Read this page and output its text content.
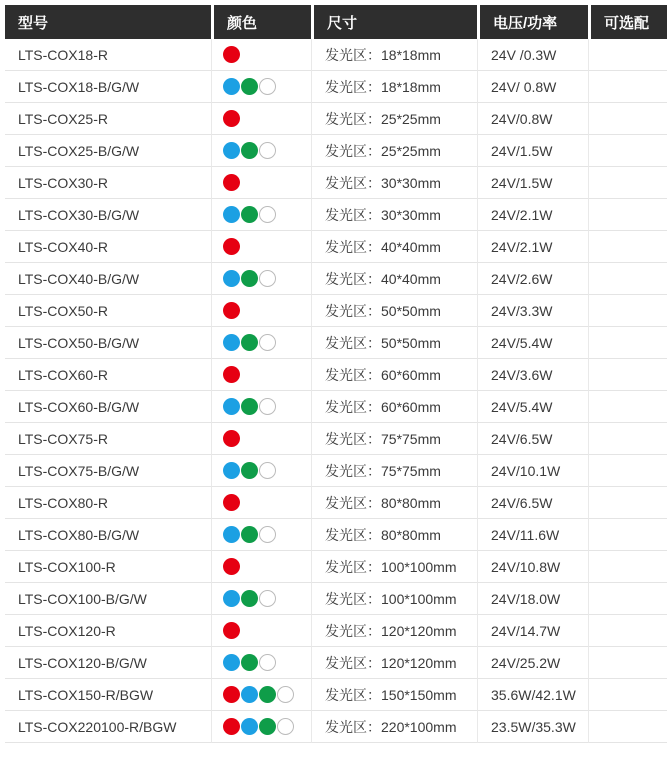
型号	颜色	尺寸	电压/功率	可选配
LTS-COX18-R		发光区：18*18mm	24V /0.3W	
LTS-COX18-B/G/W		发光区：18*18mm	24V/ 0.8W	
LTS-COX25-R		发光区：25*25mm	24V/0.8W	
LTS-COX25-B/G/W		发光区：25*25mm	24V/1.5W	
LTS-COX30-R		发光区：30*30mm	24V/1.5W	
LTS-COX30-B/G/W		发光区：30*30mm	24V/2.1W	
LTS-COX40-R		发光区：40*40mm	24V/2.1W	
LTS-COX40-B/G/W		发光区：40*40mm	24V/2.6W	
LTS-COX50-R		发光区：50*50mm	24V/3.3W	
LTS-COX50-B/G/W		发光区：50*50mm	24V/5.4W	
LTS-COX60-R		发光区：60*60mm	24V/3.6W	
LTS-COX60-B/G/W		发光区：60*60mm	24V/5.4W	
LTS-COX75-R		发光区：75*75mm	24V/6.5W	
LTS-COX75-B/G/W		发光区：75*75mm	24V/10.1W	
LTS-COX80-R		发光区：80*80mm	24V/6.5W	
LTS-COX80-B/G/W		发光区：80*80mm	24V/11.6W	
LTS-COX100-R		发光区：100*100mm	24V/10.8W	
LTS-COX100-B/G/W		发光区：100*100mm	24V/18.0W	
LTS-COX120-R		发光区：120*120mm	24V/14.7W	
LTS-COX120-B/G/W		发光区：120*120mm	24V/25.2W	
LTS-COX150-R/BGW		发光区：150*150mm	35.6W/42.1W	
LTS-COX220100-R/BGW		发光区：220*100mm	23.5W/35.3W	
